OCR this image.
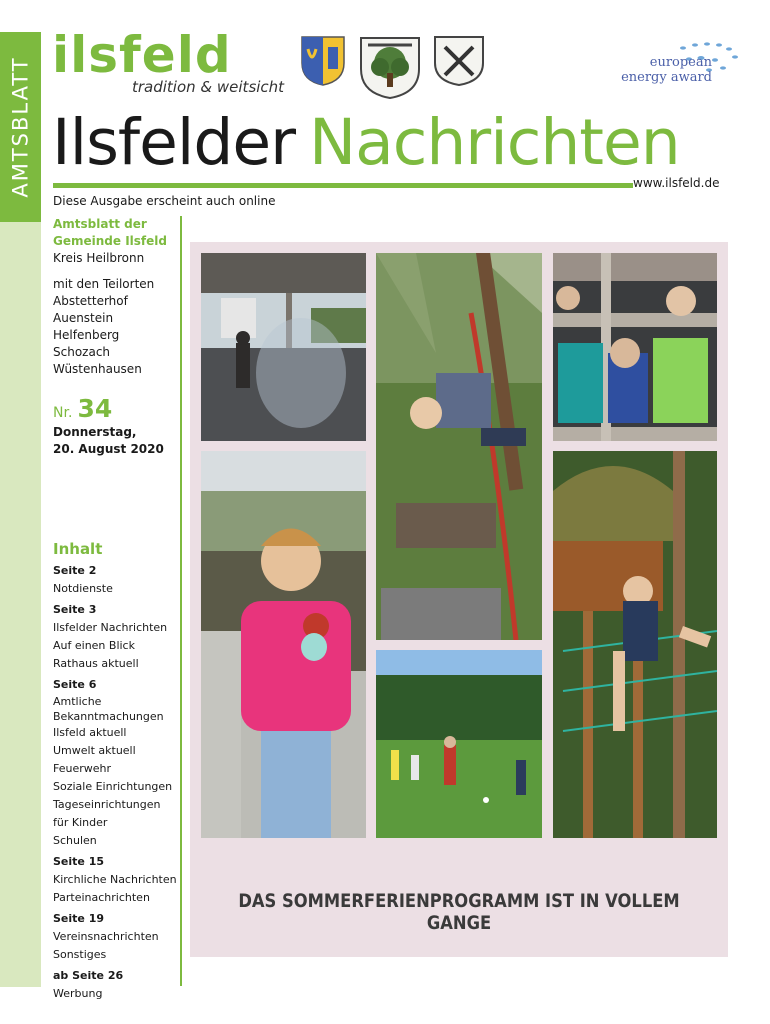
AMTSBLATT
ilsfeld
tradition & weitsicht
european
energy award
Ilsfelder Nachrichten
www.ilsfeld.de
Diese Ausgabe erscheint auch online
Amtsblatt der
Gemeinde Ilsfeld
Kreis Heilbronn
mit den Teilorten
Abstetterhof
Auenstein
Helfenberg
Schozach
Wüstenhausen
Nr. 34
Donnerstag,
20. August 2020
Inhalt
Seite 2
Notdienste
Seite 3
Ilsfelder Nachrichten
Auf einen Blick
Rathaus aktuell
Seite 6
Amtliche Bekanntmachungen
Ilsfeld aktuell
Umwelt aktuell
Feuerwehr
Soziale Einrichtungen
Tageseinrichtungen
für Kinder
Schulen
Seite 15
Kirchliche Nachrichten
Parteinachrichten
Seite 19
Vereinsnachrichten
Sonstiges
ab Seite 26
Werbung
DAS SOMMERFERIENPROGRAMM IST IN VOLLEM GANGE
